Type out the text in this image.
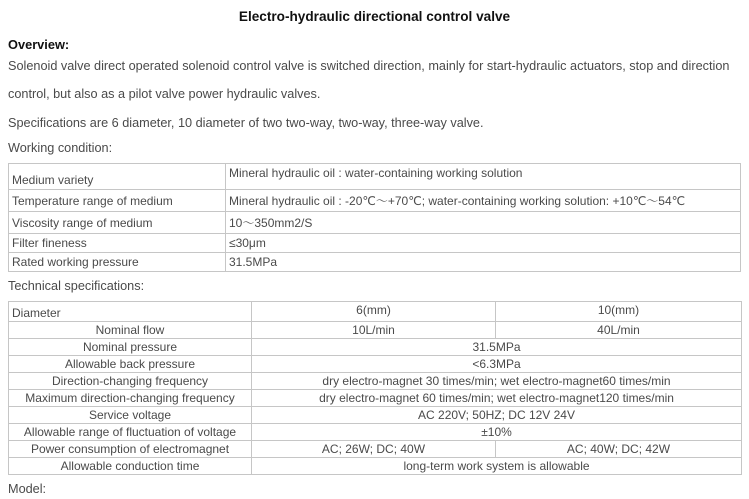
Electro-hydraulic directional control valve
Overview:

Solenoid valve direct operated solenoid control valve is switched direction, mainly for start-hydraulic actuators, stop and direction control, but also as a pilot valve power hydraulic valves.

Specifications are 6 diameter, 10 diameter of two two-way, two-way, three-way valve.

Working condition:
Medium variety	Mineral hydraulic oil : water-containing working solution
Temperature range of medium	Mineral hydraulic oil : -20℃～+70℃; water-containing working solution: +10℃～54℃
Viscosity range of medium	10～350mm2/S
Filter fineness	≤30μm
Rated working pressure	31.5MPa
Technical specifications:
Diameter	6(mm)	10(mm)
Nominal flow	10L/min	40L/min
Nominal pressure	31.5MPa	
Allowable back pressure	<6.3MPa	
Direction-changing frequency	dry electro-magnet 30 times/min; wet electro-magnet60 times/min	
Maximum direction-changing frequency	dry electro-magnet 60 times/min; wet electro-magnet120 times/min	
Service voltage	AC 220V; 50HZ; DC 12V 24V	
Allowable range of fluctuation of voltage	±10%	
Power consumption of electromagnet	AC; 26W; DC; 40W	AC; 40W; DC; 42W
Allowable conduction time	long-term work system is allowable	
Model:
